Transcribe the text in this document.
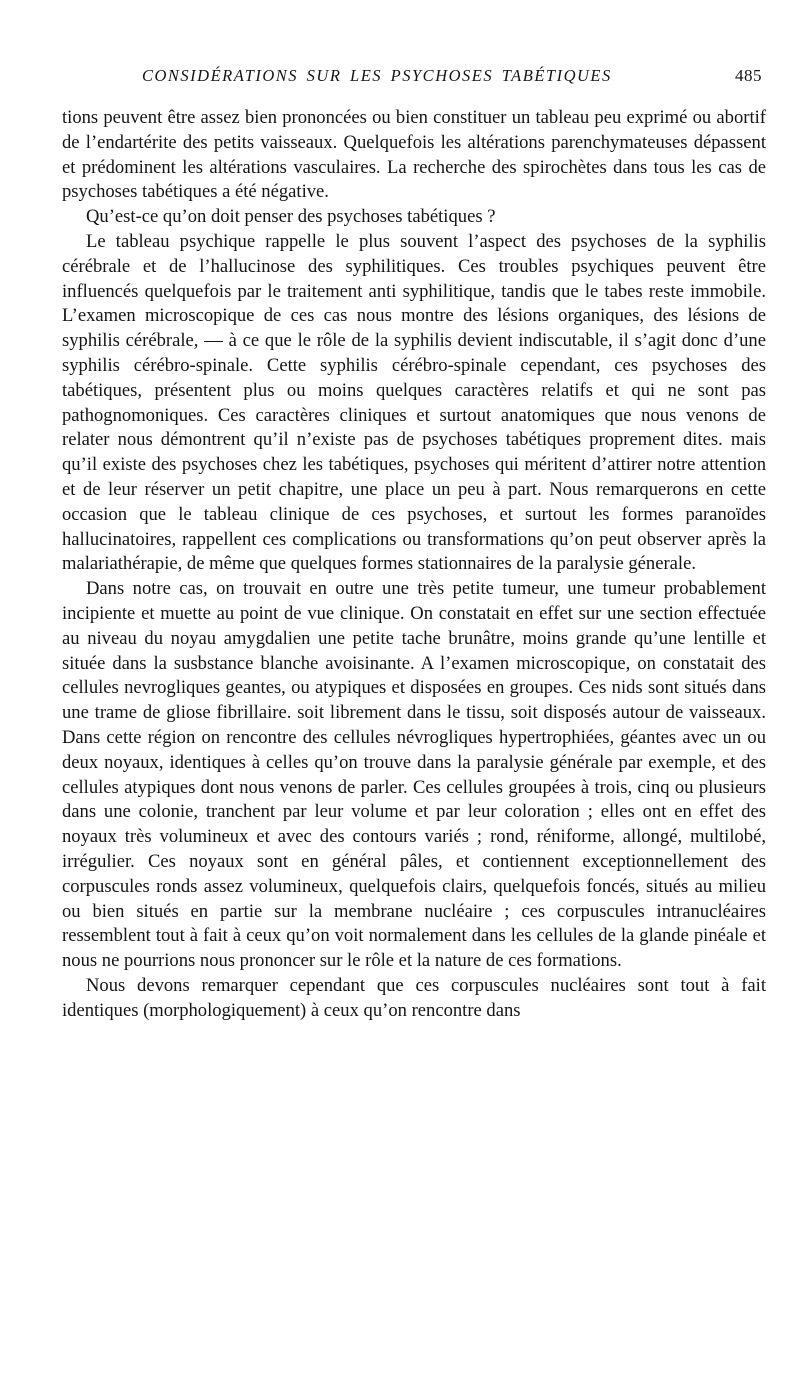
CONSIDÉRATIONS SUR LES PSYCHOSES TABÉTIQUES	485

tions peuvent être assez bien prononcées ou bien constituer un tableau peu exprimé ou abortif de l’endartérite des petits vaisseaux. Quelquefois les altérations parenchymateuses dépassent et prédominent les altérations vasculaires. La recherche des spirochètes dans tous les cas de psychoses tabétiques a été négative.

Qu’est-ce qu’on doit penser des psychoses tabétiques ?

Le tableau psychique rappelle le plus souvent l’aspect des psychoses de la syphilis cérébrale et de l’hallucinose des syphilitiques. Ces troubles psychiques peuvent être influencés quelquefois par le traitement anti syphilitique, tandis que le tabes reste immobile. L’examen microscopique de ces cas nous montre des lésions organiques, des lésions de syphilis cérébrale, — à ce que le rôle de la syphilis devient indiscutable, il s’agit donc d’une syphilis cérébro-spinale. Cette syphilis cérébro-spinale cependant, ces psychoses des tabétiques, présentent plus ou moins quelques caractères relatifs et qui ne sont pas pathognomoniques. Ces caractères cliniques et surtout anatomiques que nous venons de relater nous démontrent qu’il n’existe pas de psychoses tabétiques proprement dites. mais qu’il existe des psychoses chez les tabétiques, psychoses qui méritent d’attirer notre attention et de leur réserver un petit chapitre, une place un peu à part. Nous remarquerons en cette occasion que le tableau clinique de ces psychoses, et surtout les formes paranoïdes hallucinatoires, rappellent ces complications ou transformations qu’on peut observer après la malariathérapie, de même que quelques formes stationnaires de la paralysie génerale.

Dans notre cas, on trouvait en outre une très petite tumeur, une tumeur probablement incipiente et muette au point de vue clinique. On constatait en effet sur une section effectuée au niveau du noyau amygdalien une petite tache brunâtre, moins grande qu’une lentille et située dans la susbstance blanche avoisinante. A l’examen microscopique, on constatait des cellules nevrogliques geantes, ou atypiques et disposées en groupes. Ces nids sont situés dans une trame de gliose fibrillaire. soit librement dans le tissu, soit disposés autour de vaisseaux. Dans cette région on rencontre des cellules névrogliques hypertrophiées, géantes avec un ou deux noyaux, identiques à celles qu’on trouve dans la paralysie générale par exemple, et des cellules atypiques dont nous venons de parler. Ces cellules groupées à trois, cinq ou plusieurs dans une colonie, tranchent par leur volume et par leur coloration ; elles ont en effet des noyaux très volumineux et avec des contours variés ; rond, réniforme, allongé, multilobé, irrégulier. Ces noyaux sont en général pâles, et contiennent exceptionnellement des corpuscules ronds assez volumineux, quelquefois clairs, quelquefois foncés, situés au milieu ou bien situés en partie sur la membrane nucléaire ; ces corpuscules intranucléaires ressemblent tout à fait à ceux qu’on voit normalement dans les cellules de la glande pinéale et nous ne pourrions nous prononcer sur le rôle et la nature de ces formations.

Nous devons remarquer cependant que ces corpuscules nucléaires sont tout à fait identiques (morphologiquement) à ceux qu’on rencontre dans
